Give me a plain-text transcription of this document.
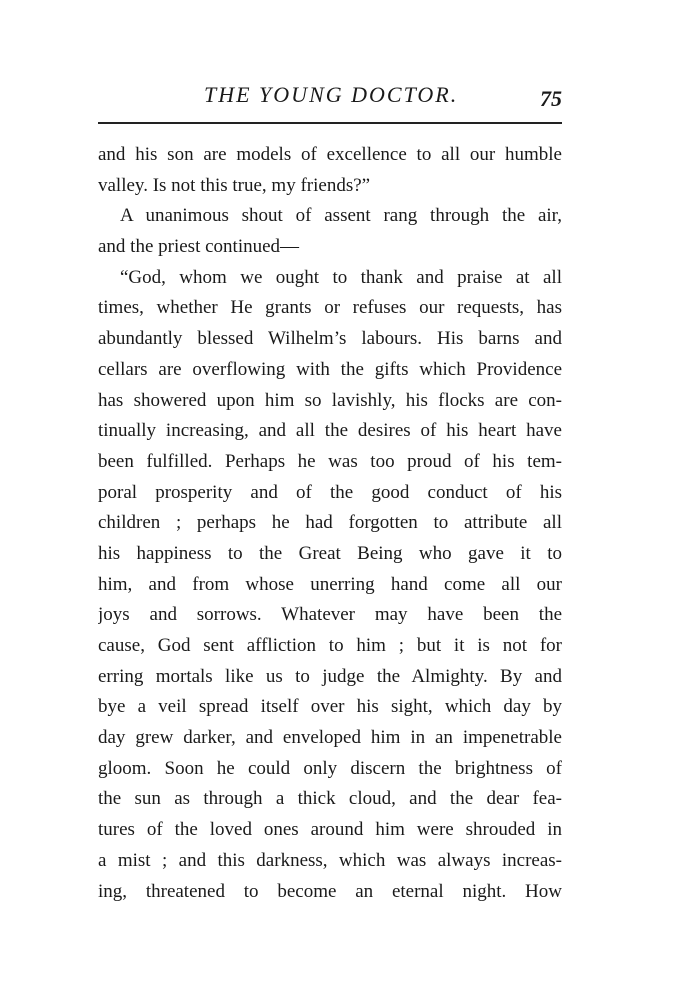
THE YOUNG DOCTOR.	75
and his son are models of excellence to all our humble
valley. Is not this true, my friends?”
A unanimous shout of assent rang through the air,
and the priest continued—
“God, whom we ought to thank and praise at all
times, whether He grants or refuses our requests, has
abundantly blessed Wilhelm’s labours. His barns and
cellars are overflowing with the gifts which Providence
has showered upon him so lavishly, his flocks are con-
tinually increasing, and all the desires of his heart have
been fulfilled. Perhaps he was too proud of his tem-
poral prosperity and of the good conduct of his
children ; perhaps he had forgotten to attribute all
his happiness to the Great Being who gave it to
him, and from whose unerring hand come all our
joys and sorrows. Whatever may have been the
cause, God sent affliction to him ; but it is not for
erring mortals like us to judge the Almighty. By and
bye a veil spread itself over his sight, which day by
day grew darker, and enveloped him in an impenetrable
gloom. Soon he could only discern the brightness of
the sun as through a thick cloud, and the dear fea-
tures of the loved ones around him were shrouded in
a mist ; and this darkness, which was always increas-
ing, threatened to become an eternal night. How
